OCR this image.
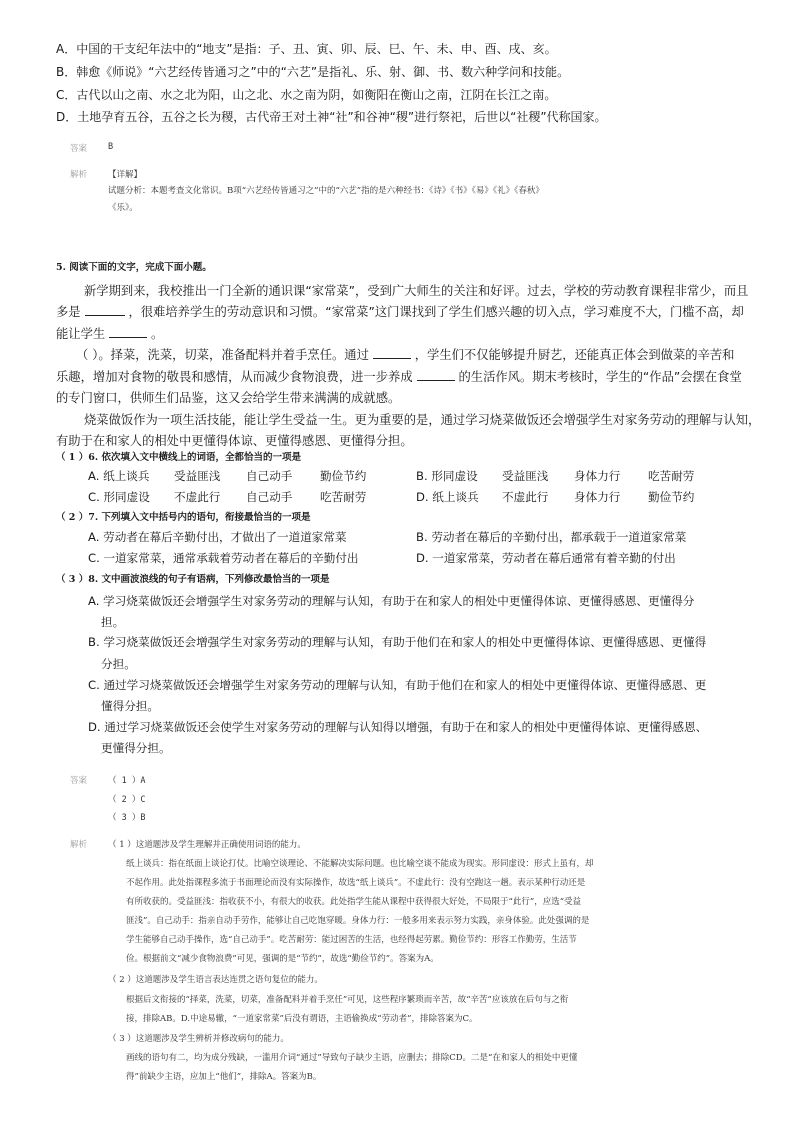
A．中国的干支纪年法中的“地支”是指：子、丑、寅、卯、辰、巳、午、未、申、酉、戌、亥。
B．韩愈《师说》“六艺经传皆通习之”中的“六艺”是指礼、乐、射、御、书、数六种学问和技能。
C．古代以山之南、水之北为阳，山之北、水之南为阴，如衡阳在衡山之南，江阴在长江之南。
D．土地孕育五谷，五谷之长为稷，古代帝王对土神“社”和谷神“稷”进行祭祀，后世以“社稷”代称国家。
答案 B
解析 【详解】
试题分析：本题考查文化常识。B项“六艺经传皆通习之”中的“六艺”指的是六种经书：《诗》《书》《易》《礼》《春秋》
《乐》。
5. 阅读下面的文字，完成下面小题。
新学期到来，我校推出一门全新的通识课“家常菜”，受到广大师生的关注和好评。过去，学校的劳动教育课程非常少，而且
多是	，很难培养学生的劳动意识和习惯。“家常菜”这门课找到了学生们感兴趣的切入点，学习难度不大，门槛不高，却
能让学生	。
（ ）。择菜，洗菜，切菜，准备配料并着手烹任。通过	，学生们不仅能够提升厨艺，还能真正体会到做菜的辛苦和
乐趣，增加对食物的敬畏和感情，从而减少食物浪费，进一步养成	的生活作风。期末考核时，学生的“作品”会摆在食堂
的专门窗口，供师生们品鉴，这又会给学生带来满满的成就感。
烧菜做饭作为一项生活技能，能让学生受益一生。更为重要的是，通过学习烧菜做饭还会增强学生对家务劳动的理解与认知，
有助于在和家人的相处中更懂得体谅、更懂得感恩、更懂得分担。
（ 1 ）6. 依次填入文中横线上的词语，全都恰当的一项是
A. 纸上谈兵 受益匪浅 自己动手 勤俭节约	B. 形同虚设 受益匪浅 身体力行 吃苦耐劳
C. 形同虚设 不虚此行 自己动手 吃苦耐劳	D. 纸上谈兵 不虚此行 身体力行 勤俭节约
（ 2 ）7. 下列填入文中括号内的语句，衔接最恰当的一项是
A. 劳动者在幕后辛勤付出，才做出了一道道家常菜	B. 劳动者在幕后的辛勤付出，都承载于一道道家常菜
C. 一道家常菜，通常承载着劳动者在幕后的辛勤付出	D. 一道家常菜，劳动者在幕后通常有着辛勤的付出
（ 3 ）8. 文中画波浪线的句子有语病，下列修改最恰当的一项是
A. 学习烧菜做饭还会增强学生对家务劳动的理解与认知，有助于在和家人的相处中更懂得体谅、更懂得感恩、更懂得分
担。
B. 学习烧菜做饭还会增强学生对家务劳动的理解与认知，有助于他们在和家人的相处中更懂得体谅、更懂得感恩、更懂得
分担。
C. 通过学习烧菜做饭还会增强学生对家务劳动的理解与认知，有助于他们在和家人的相处中更懂得体谅、更懂得感恩、更
懂得分担。
D. 通过学习烧菜做饭还会使学生对家务劳动的理解与认知得以增强，有助于在和家人的相处中更懂得体谅、更懂得感恩、
更懂得分担。
答案 （ 1 ）A
（ 2 ）C
（ 3 ）B
解析 （ 1 ）这道题涉及学生理解并正确使用词语的能力。
纸上谈兵：指在纸面上谈论打仗。比喻空谈理论、不能解决实际问题。也比喻空谈不能成为现实。形同虚设：形式上虽有，却
不起作用。此处指课程多流于书面理论而没有实际操作，故选“纸上谈兵”。不虚此行：没有空跑这一趟。表示某种行动还是
有所收获的。受益匪浅：指收获不小，有很大的收获。此处指学生能从课程中获得很大好处，不局限于“此行”，应选“受益
匪浅”。自己动手：指亲自动手劳作，能够让自己吃饱穿暖。身体力行：一般多用来表示努力实践，亲身体验。此处强调的是
学生能够自己动手操作，选“自己动手”。吃苦耐劳：能过困苦的生活，也经得起劳累。勤俭节约：形容工作勤劳，生活节
俭。根据前文“减少食物浪费”可见，强调的是“节约”，故选“勤俭节约”。答案为A。
（ 2 ）这道题涉及学生语言表达连贯之语句复位的能力。
根据后文衔接的“择菜，洗菜，切菜，准备配料并着手烹任”可见，这些程序繁琐而辛苦，故“辛苦”应该放在后句与之衔
接，排除AB。D.中途易辙，“一道家常菜”后没有谓语，主语偷换成“劳动者”，排除答案为C。
（ 3 ）这道题涉及学生辨析并修改病句的能力。
画线的语句有二，均为成分残缺，一滥用介词“通过”导致句子缺少主语，应删去；排除CD。二是“在和家人的相处中更懂
得”前缺少主语，应加上“他们”，排除A。答案为B。
